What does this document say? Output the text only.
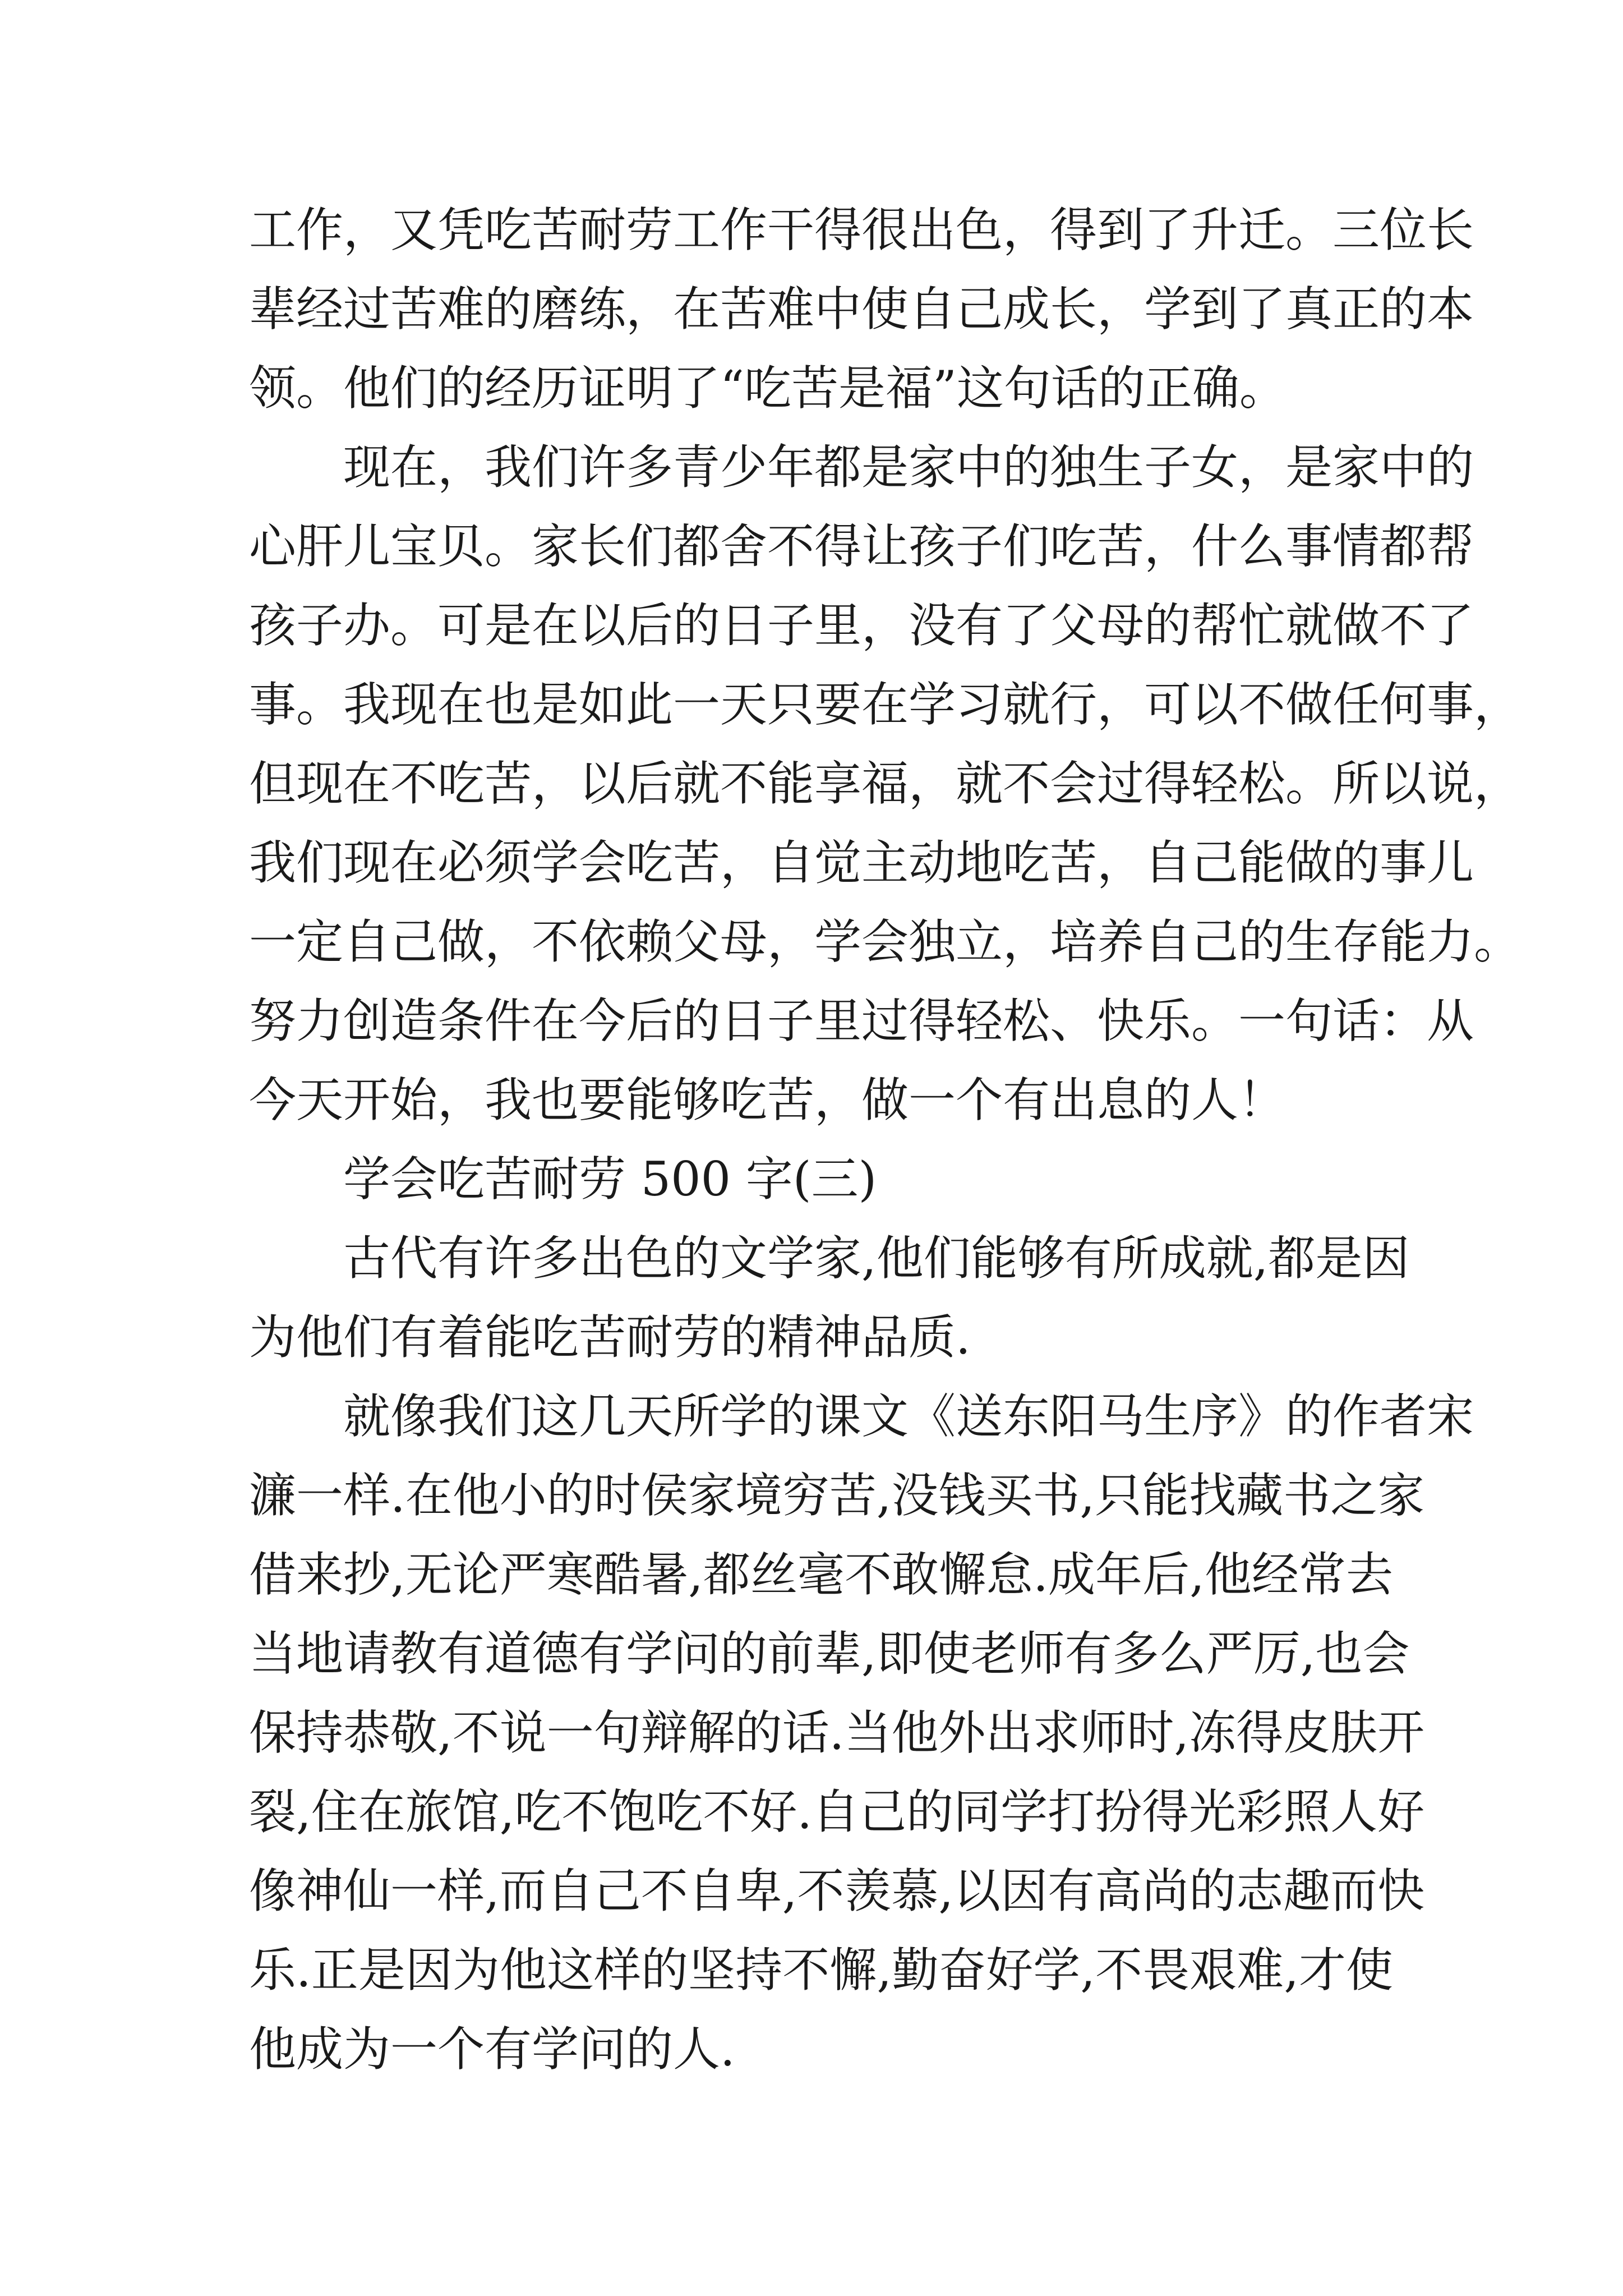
工作，又凭吃苦耐劳工作干得很出色，得到了升迁。三位长
辈经过苦难的磨练，在苦难中使自己成长，学到了真正的本
领。他们的经历证明了“吃苦是福”这句话的正确。
现在，我们许多青少年都是家中的独生子女，是家中的
心肝儿宝贝。家长们都舍不得让孩子们吃苦，什么事情都帮
孩子办。可是在以后的日子里，没有了父母的帮忙就做不了
事。我现在也是如此一天只要在学习就行，可以不做任何事，
但现在不吃苦，以后就不能享福，就不会过得轻松。所以说，
我们现在必须学会吃苦，自觉主动地吃苦，自己能做的事儿
一定自己做，不依赖父母，学会独立，培养自己的生存能力。
努力创造条件在今后的日子里过得轻松、快乐。一句话：从
今天开始，我也要能够吃苦，做一个有出息的人！
学会吃苦耐劳 500 字(三)
古代有许多出色的文学家,他们能够有所成就,都是因
为他们有着能吃苦耐劳的精神品质.
就像我们这几天所学的课文《送东阳马生序》的作者宋
濂一样.在他小的时侯家境穷苦,没钱买书,只能找藏书之家
借来抄,无论严寒酷暑,都丝毫不敢懈怠.成年后,他经常去
当地请教有道德有学问的前辈,即使老师有多么严厉,也会
保持恭敬,不说一句辩解的话.当他外出求师时,冻得皮肤开
裂,住在旅馆,吃不饱吃不好.自己的同学打扮得光彩照人好
像神仙一样,而自己不自卑,不羡慕,以因有高尚的志趣而快
乐.正是因为他这样的坚持不懈,勤奋好学,不畏艰难,才使
他成为一个有学问的人.
